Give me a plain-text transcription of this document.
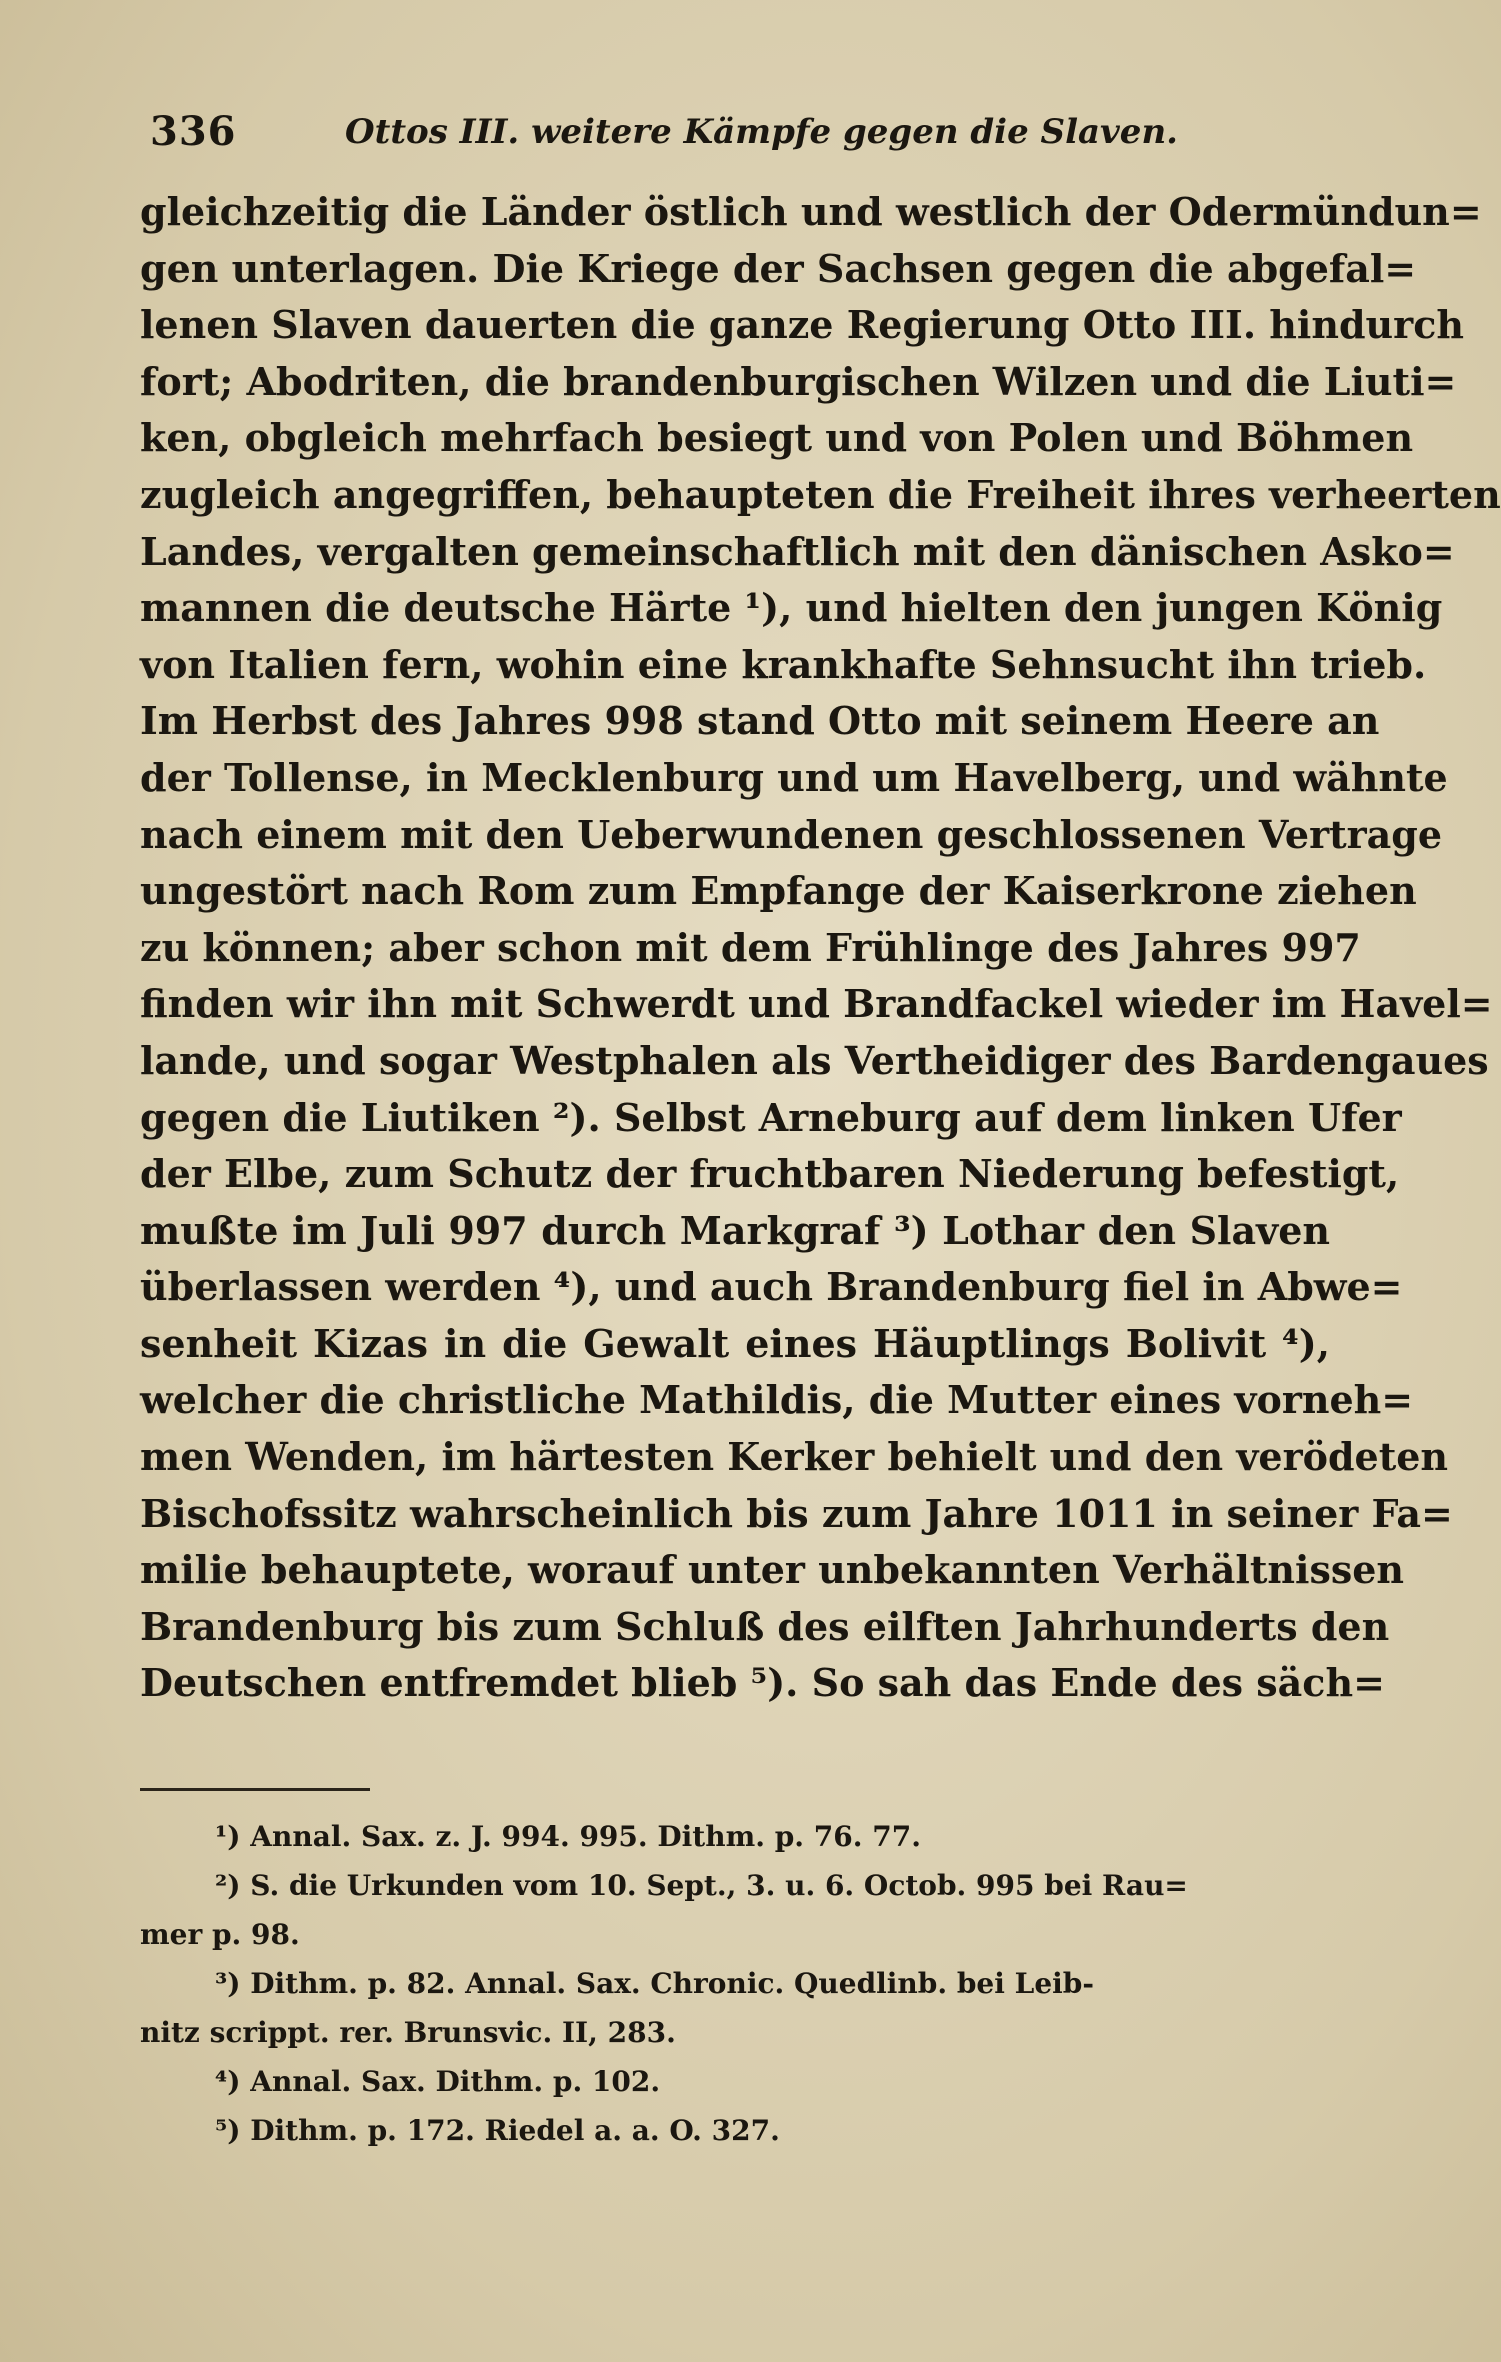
336	Ottos III. weitere Kämpfe gegen die Slaven.
gleichzeitig die Länder östlich und westlich der Odermündun=
gen unterlagen. Die Kriege der Sachsen gegen die abgefal=
lenen Slaven dauerten die ganze Regierung Otto III. hindurch
fort; Abodriten, die brandenburgischen Wilzen und die Liuti=
ken, obgleich mehrfach besiegt und von Polen und Böhmen
zugleich angegriffen, behaupteten die Freiheit ihres verheerten
Landes, vergalten gemeinschaftlich mit den dänischen Asko=
mannen die deutsche Härte ¹), und hielten den jungen König
von Italien fern, wohin eine krankhafte Sehnsucht ihn trieb.
Im Herbst des Jahres 998 stand Otto mit seinem Heere an
der Tollense, in Mecklenburg und um Havelberg, und wähnte
nach einem mit den Ueberwundenen geschlossenen Vertrage
ungestört nach Rom zum Empfange der Kaiserkrone ziehen
zu können; aber schon mit dem Frühlinge des Jahres 997
finden wir ihn mit Schwerdt und Brandfackel wieder im Havel=
lande, und sogar Westphalen als Vertheidiger des Bardengaues
gegen die Liutiken ²). Selbst Arneburg auf dem linken Ufer
der Elbe, zum Schutz der fruchtbaren Niederung befestigt,
mußte im Juli 997 durch Markgraf ³) Lothar den Slaven
überlassen werden ⁴), und auch Brandenburg fiel in Abwe=
senheit Kizas in die Gewalt eines Häuptlings Bolivit ⁴),
welcher die christliche Mathildis, die Mutter eines vorneh=
men Wenden, im härtesten Kerker behielt und den verödeten
Bischofssitz wahrscheinlich bis zum Jahre 1011 in seiner Fa=
milie behauptete, worauf unter unbekannten Verhältnissen
Brandenburg bis zum Schluß des eilften Jahrhunderts den
Deutschen entfremdet blieb ⁵). So sah das Ende des säch=
¹) Annal. Sax. z. J. 994. 995. Dithm. p. 76. 77.
²) S. die Urkunden vom 10. Sept., 3. u. 6. Octob. 995 bei Rau=
mer p. 98.
³) Dithm. p. 82. Annal. Sax. Chronic. Quedlinb. bei Leib-
nitz scrippt. rer. Brunsvic. II, 283.
⁴) Annal. Sax. Dithm. p. 102.
⁵) Dithm. p. 172. Riedel a. a. O. 327.
